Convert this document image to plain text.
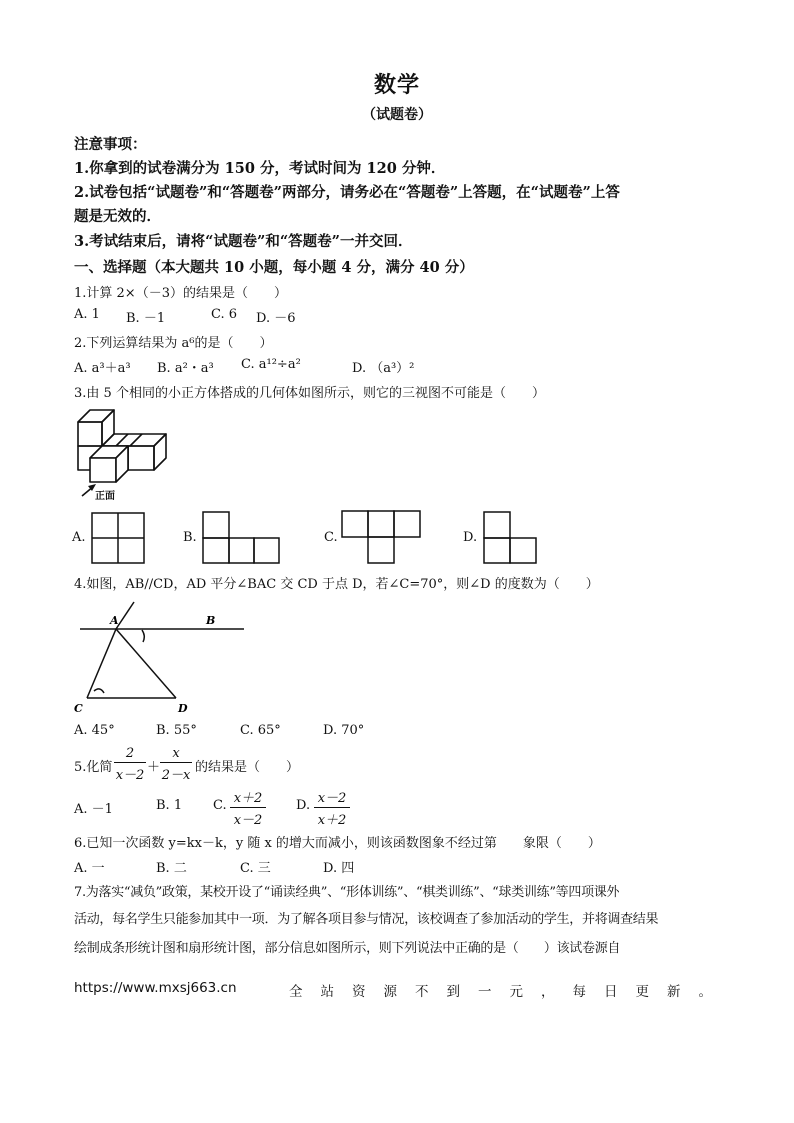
数学
（试题卷）
注意事项：
1.你拿到的试卷满分为 150 分，考试时间为 120 分钟．
2.试卷包括“试题卷”和“答题卷”两部分，请务必在“答题卷”上答题，在“试题卷”上答
题是无效的．
3.考试结束后，请将“试题卷”和“答题卷”一并交回．
一、选择题（本大题共 10 小题，每小题 4 分，满分 40 分）
1.计算 2×（－3）的结果是（　　）
A. 1 B. －1	C. 6 D. －6
2.下列运算结果为 a⁶的是（　　）
A. a³＋a³ B. a²・a³ C. a¹²÷a²	D. （a³）²
3.由 5 个相同的小正方体搭成的几何体如图所示，则它的三视图不可能是（　　）
正面
A.	B.	C.	D.
4.如图，AB//CD，AD 平分∠BAC 交 CD 于点 D，若∠C=70°，则∠D 的度数为（　　）
A	B
C	D
A. 45°	B. 55°	C. 65°	D. 70°
5.化简
2
x－2
＋
x
2－x
的结果是（　　）
A. －1	B. 1 C. x＋2
x－2
D. x－2
x＋2
6.已知一次函数 y=kx－k，y 随 x 的增大而减小，则该函数图象不经过第　　象限（　　）
A. 一	B. 二	C. 三	D. 四
7.为落实“减负”政策，某校开设了“诵读经典”、“形体训练”、“棋类训练”、“球类训练”等四项课外
活动，每名学生只能参加其中一项．为了解各项目参与情况，该校调查了参加活动的学生，并将调查结果
绘制成条形统计图和扇形统计图，部分信息如图所示，则下列说法中正确的是（　　）该试卷源自
https://www.mxsj663.cn	全站资源不到一元，每日更新。
